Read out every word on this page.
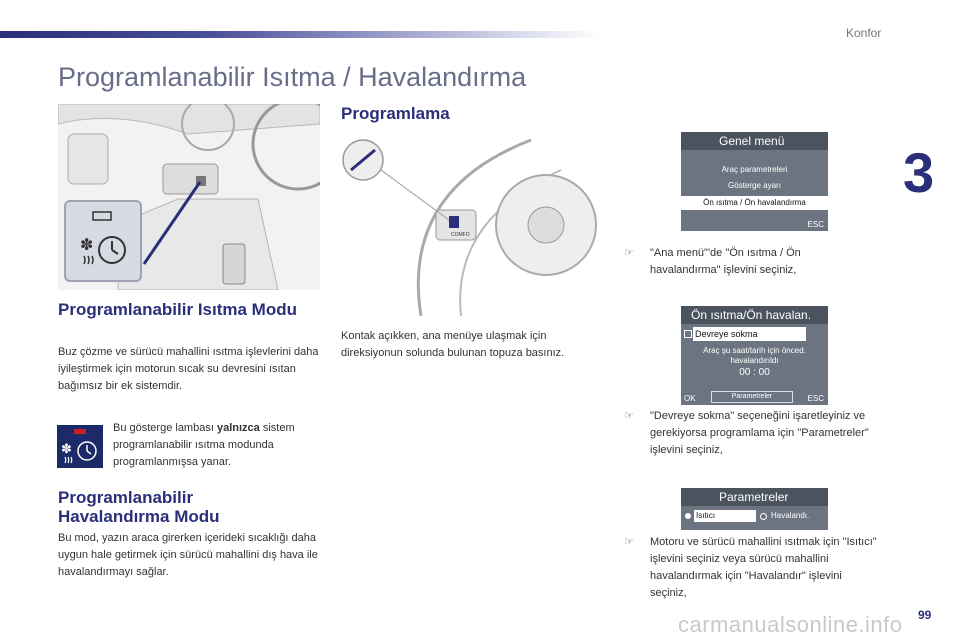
Konfor
3
Programlanabilir Isıtma / Havalandırma
✽
Programlanabilir Isıtma Modu
Buz çözme ve sürücü mahallini ısıtma işlevlerini daha iyileştirmek için motorun sıcak su devresini ısıtan bağımsız bir ek sistemdir.
✽
Bu gösterge lambası yalnızca sistem programlanabilir ısıtma modunda programlanmışsa yanar.
Programlanabilir Havalandırma Modu
Bu mod, yazın araca girerken içerideki sıcaklığı daha uygun hale getirmek için sürücü mahallini dış hava ile havalandırmayı sağlar.
Programlama
COMFO
Kontak açıkken, ana menüye ulaşmak için direksiyonun solunda bulunan topuza basınız.
Genel menü
Araç parametreleri
Gösterge ayarı
Ön ısıtma / Ön havalandırma
ESC
☞ "Ana menü"'de "Ön ısıtma / Ön havalandırma" işlevini seçiniz,
Ön ısıtma/Ön havalan.
Devreye sokma
Araç şu saat/tarih için önced.
havalandırıldı
00 : 00
Parametreler
OK	ESC
☞ "Devreye sokma" seçeneğini işaretleyiniz ve gerekiyorsa programlama için "Parametreler" işlevini seçiniz,
Parametreler
Isıtıcı	Havalandı.
☞ Motoru ve sürücü mahallini ısıtmak için "Isıtıcı" işlevini seçiniz veya sürücü mahallini havalandırmak için "Havalandır" işlevini seçiniz,
carmanualsonline.info 99
